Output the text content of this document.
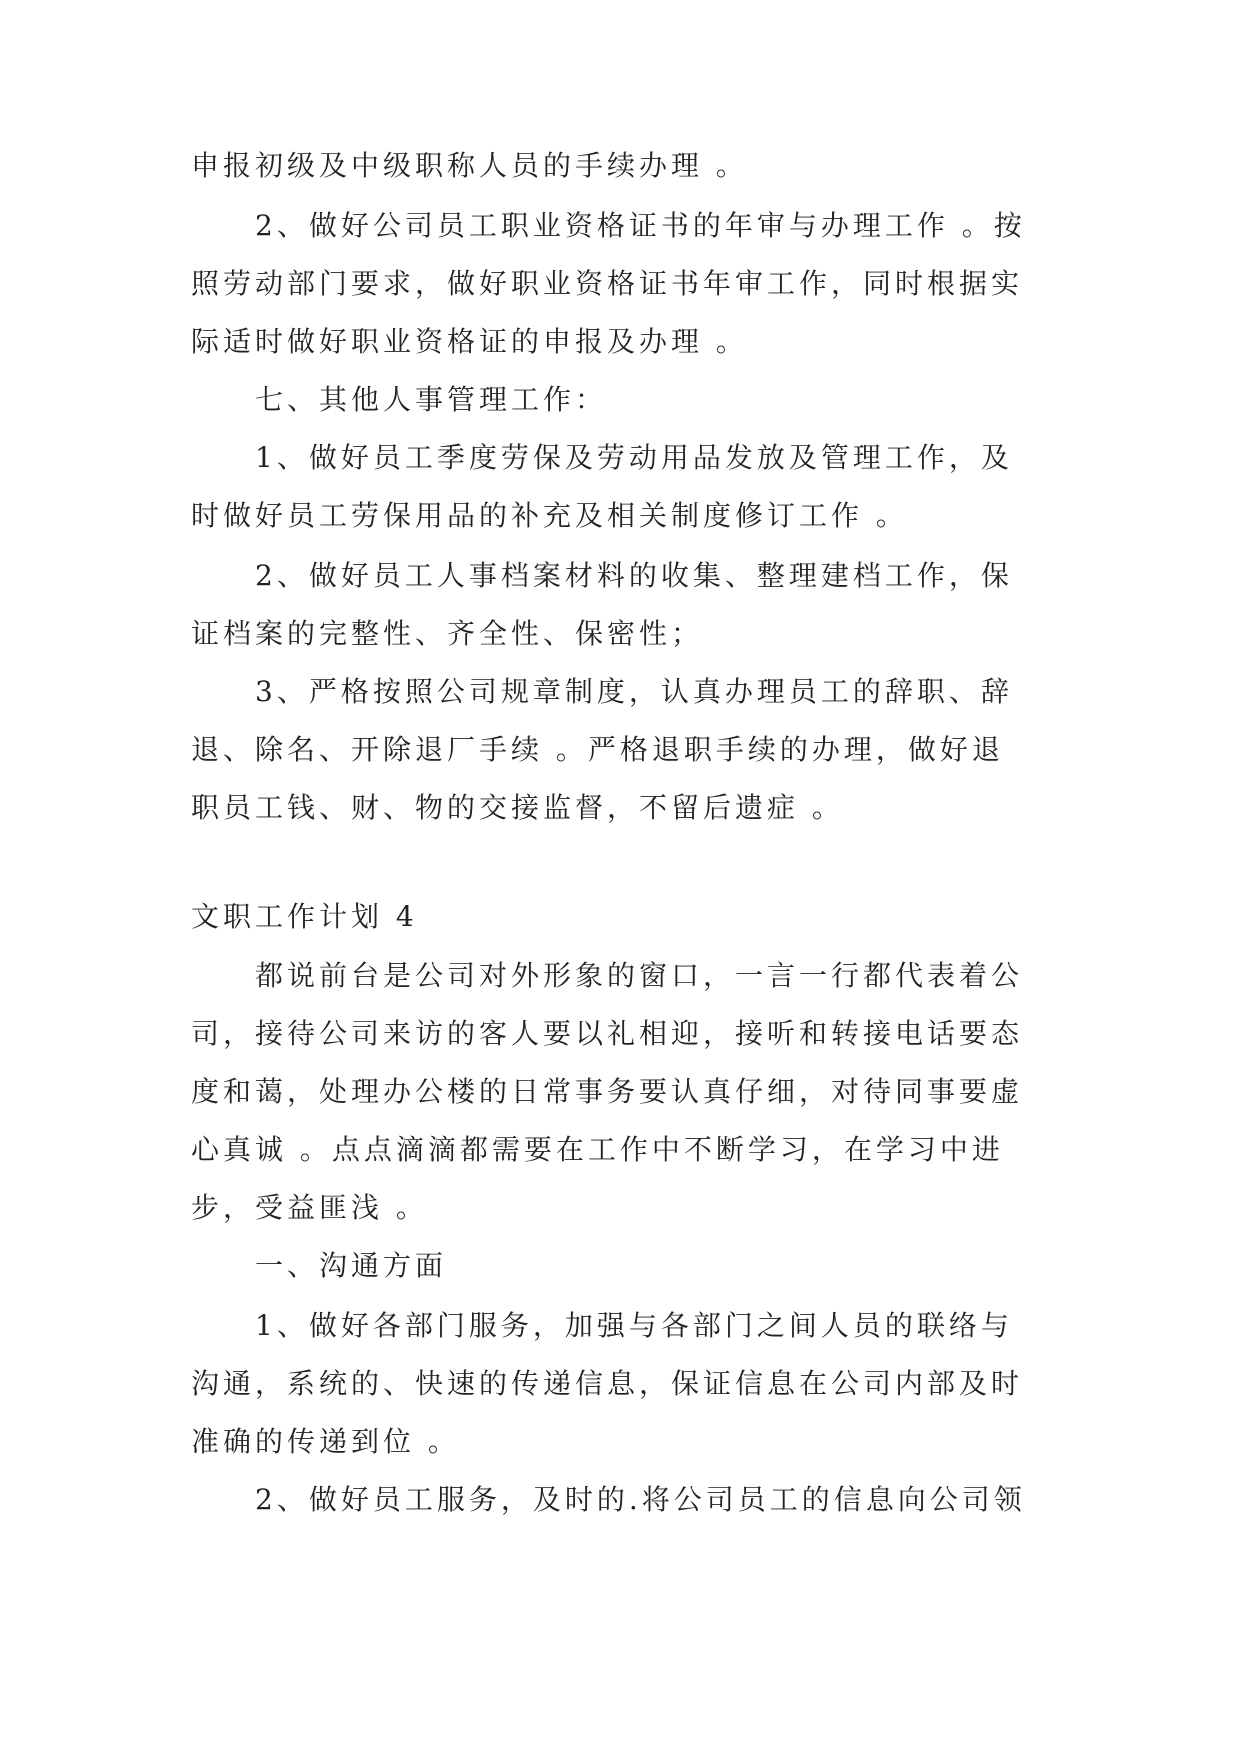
申报初级及中级职称人员的手续办理 。
2、做好公司员工职业资格证书的年审与办理工作 。按
照劳动部门要求，做好职业资格证书年审工作，同时根据实
际适时做好职业资格证的申报及办理 。
七、其他人事管理工作：
1、做好员工季度劳保及劳动用品发放及管理工作，及
时做好员工劳保用品的补充及相关制度修订工作 。
2、做好员工人事档案材料的收集、整理建档工作，保
证档案的完整性、齐全性、保密性；
3、严格按照公司规章制度，认真办理员工的辞职、辞
退、除名、开除退厂手续 。严格退职手续的办理，做好退
职员工钱、财、物的交接监督，不留后遗症 。
文职工作计划 4
都说前台是公司对外形象的窗口，一言一行都代表着公
司，接待公司来访的客人要以礼相迎，接听和转接电话要态
度和蔼，处理办公楼的日常事务要认真仔细，对待同事要虚
心真诚 。点点滴滴都需要在工作中不断学习，在学习中进
步，受益匪浅 。
一、沟通方面
1、做好各部门服务，加强与各部门之间人员的联络与
沟通，系统的、快速的传递信息，保证信息在公司内部及时
准确的传递到位 。
2、做好员工服务，及时的.将公司员工的信息向公司领
